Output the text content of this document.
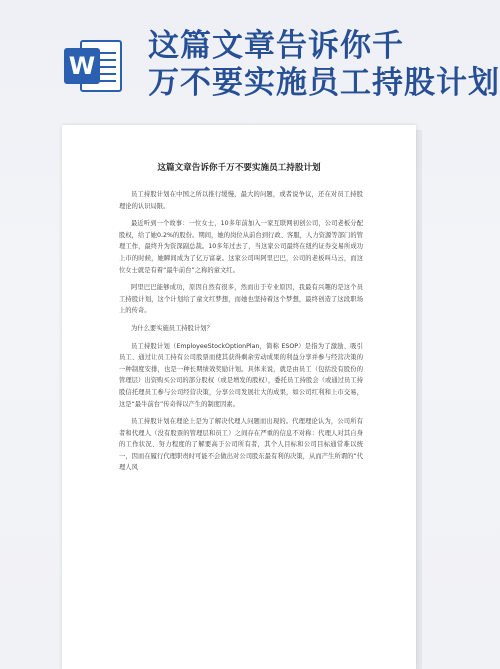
W
这篇文章告诉你千
万不要实施员工持股计划
这篇文章告诉你千万不要实施员工持股计划

员工持股计划在中国之所以推行缓慢，最大的问题，或者说争议，还在对员工持股理论的认识局限。

最近听到一个故事：一位女士，10多年前加入一家互联网初创公司，公司老板分配股权，给了她0.2%的股份。期间，她的岗位从前台到行政、客服，人力资源等部门的管理工作，最终升为资深副总裁。10多年过去了，当这家公司最终在纽约证券交易所成功上市的时候，她瞬间成为了亿万富豪。这家公司叫阿里巴巴，公司的老板叫马云，而这位女士就是有着“最牛前台”之称的童文红。

阿里巴巴能够成功，原因自然有很多，然而出于专业原因，我最有兴趣的是这个员工持股计划，这个计划给了童文红梦想，而她也坚持着这个梦想，最终创造了这段职场上的传奇。

为什么要实施员工持股计划？

员工持股计划（EmployeeStockOptionPlan，简称 ESOP）是指为了激励、吸引员工、通过让员工持有公司股票而使其获得剩余劳动成果的利益分享并参与经营决策的一种制度安排，也是一种长期绩效奖励计划。具体来说，就是由员工（包括没有股份的管理层）出资购买公司的部分股权（或是增发的股权），委托员工持股会（或通过员工持股信托理员工参与公司经营决策，分享公司发展壮大的成果，如公司红利和上市交易，这是“最牛前台”传奇得以产生的制度因素。

员工持股计划在理论上是为了解决代理人问题而出现的。代理理论认为，公司所有者和代理人（没有股票的管理层和员工）之间存在严重的信息不对称：代理人对其自身的工作状况、努力程度的了解要高于公司所有者，其个人目标和公司目标通常难以统一，因而在履行代理职责时可能不会做出对公司股东最有利的决策，从而产生所谓的“代理人风
